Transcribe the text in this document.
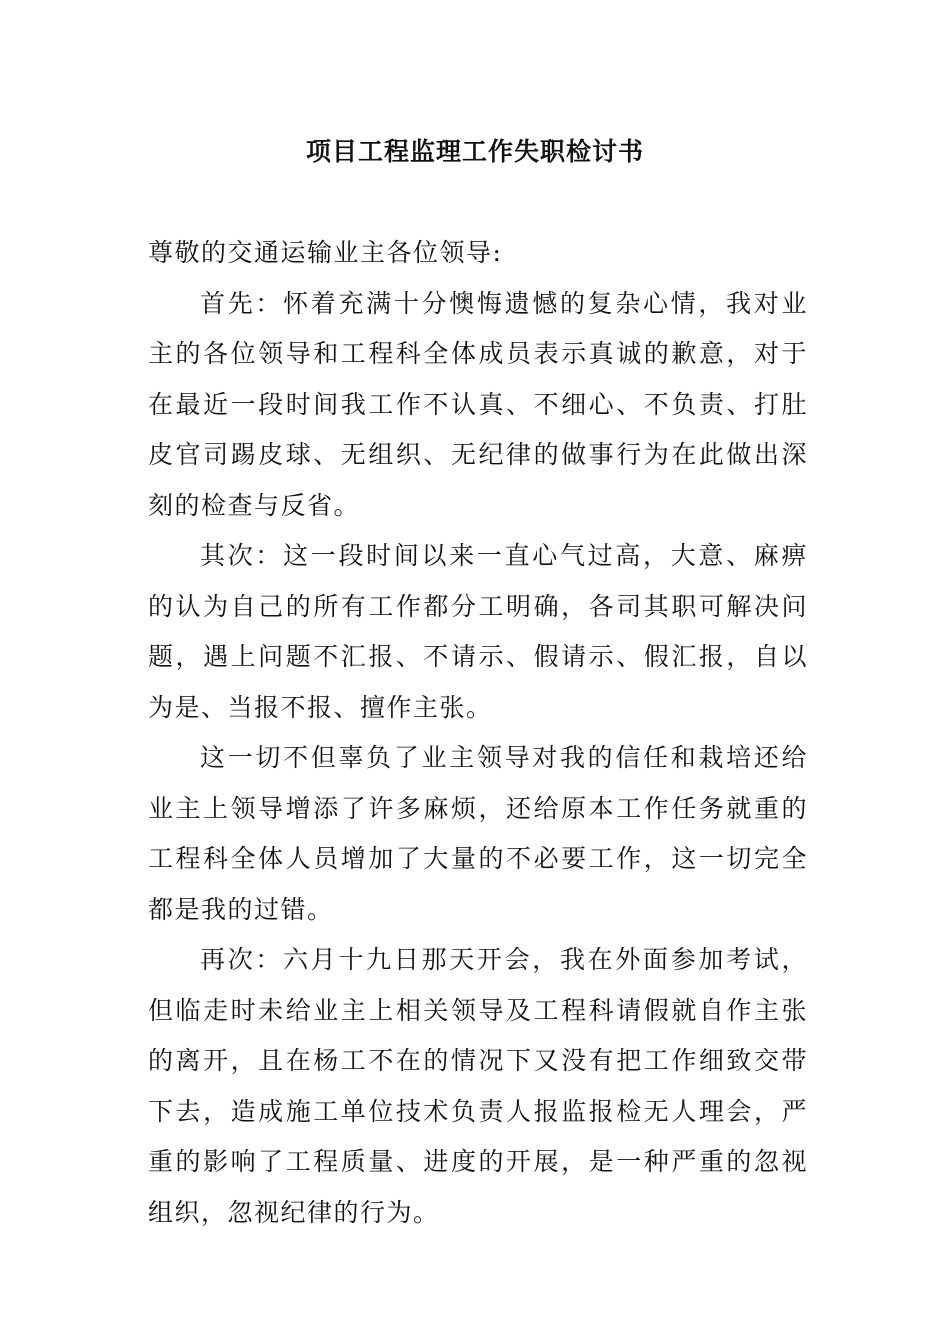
项目工程监理工作失职检讨书

尊敬的交通运输业主各位领导:

首先：怀着充满十分懊悔遗憾的复杂心情，我对业主的各位领导和工程科全体成员表示真诚的歉意，对于在最近一段时间我工作不认真、不细心、不负责、打肚皮官司踢皮球、无组织、无纪律的做事行为在此做出深刻的检查与反省。

其次：这一段时间以来一直心气过高，大意、麻痹的认为自己的所有工作都分工明确，各司其职可解决问题，遇上问题不汇报、不请示、假请示、假汇报，自以为是、当报不报、擅作主张。

这一切不但辜负了业主领导对我的信任和栽培还给业主上领导增添了许多麻烦，还给原本工作任务就重的工程科全体人员增加了大量的不必要工作，这一切完全都是我的过错。

再次：六月十九日那天开会，我在外面参加考试，但临走时未给业主上相关领导及工程科请假就自作主张的离开，且在杨工不在的情况下又没有把工作细致交带下去，造成施工单位技术负责人报监报检无人理会，严重的影响了工程质量、进度的开展，是一种严重的忽视组织，忽视纪律的行为。
